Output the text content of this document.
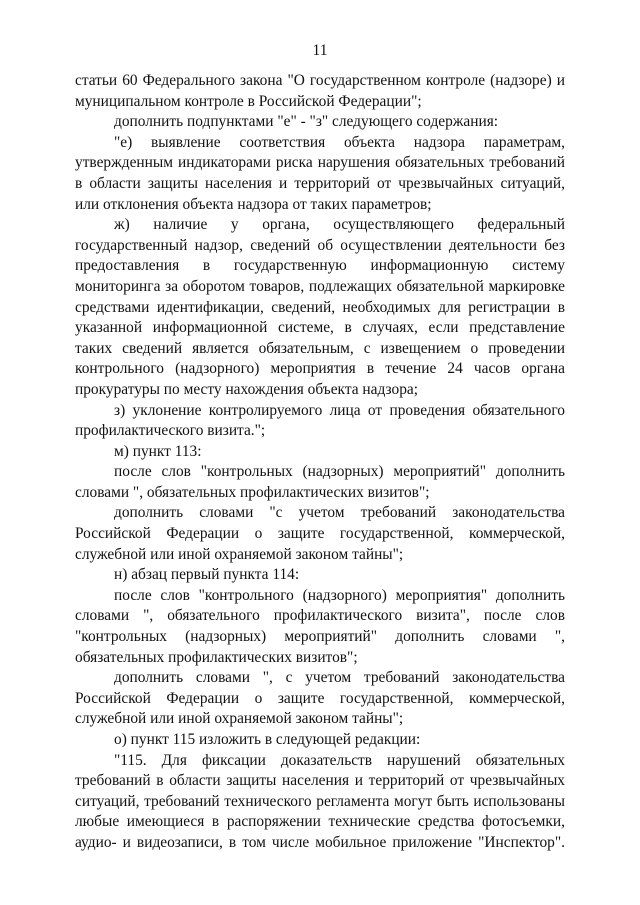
11

статьи 60 Федерального закона "О государственном контроле (надзоре) и муниципальном контроле в Российской Федерации";

дополнить подпунктами "е" - "з" следующего содержания:

"е) выявление соответствия объекта надзора параметрам, утвержденным индикаторами риска нарушения обязательных требований в области защиты населения и территорий от чрезвычайных ситуаций, или отклонения объекта надзора от таких параметров;

ж) наличие у органа, осуществляющего федеральный государственный надзор, сведений об осуществлении деятельности без предоставления в государственную информационную систему мониторинга за оборотом товаров, подлежащих обязательной маркировке средствами идентификации, сведений, необходимых для регистрации в указанной информационной системе, в случаях, если представление таких сведений является обязательным, с извещением о проведении контрольного (надзорного) мероприятия в течение 24 часов органа прокуратуры по месту нахождения объекта надзора;

з) уклонение контролируемого лица от проведения обязательного профилактического визита.";

м) пункт 113:

после слов "контрольных (надзорных) мероприятий" дополнить словами ", обязательных профилактических визитов";

дополнить словами "с учетом требований законодательства Российской Федерации о защите государственной, коммерческой, служебной или иной охраняемой законом тайны";

н) абзац первый пункта 114:

после слов "контрольного (надзорного) мероприятия" дополнить словами ", обязательного профилактического визита", после слов "контрольных (надзорных) мероприятий" дополнить словами ", обязательных профилактических визитов";

дополнить словами ", с учетом требований законодательства Российской Федерации о защите государственной, коммерческой, служебной или иной охраняемой законом тайны";

о) пункт 115 изложить в следующей редакции:

"115. Для фиксации доказательств нарушений обязательных требований в области защиты населения и территорий от чрезвычайных ситуаций, требований технического регламента могут быть использованы любые имеющиеся в распоряжении технические средства фотосъемки, аудио- и видеозаписи, в том числе мобильное приложение "Инспектор".
